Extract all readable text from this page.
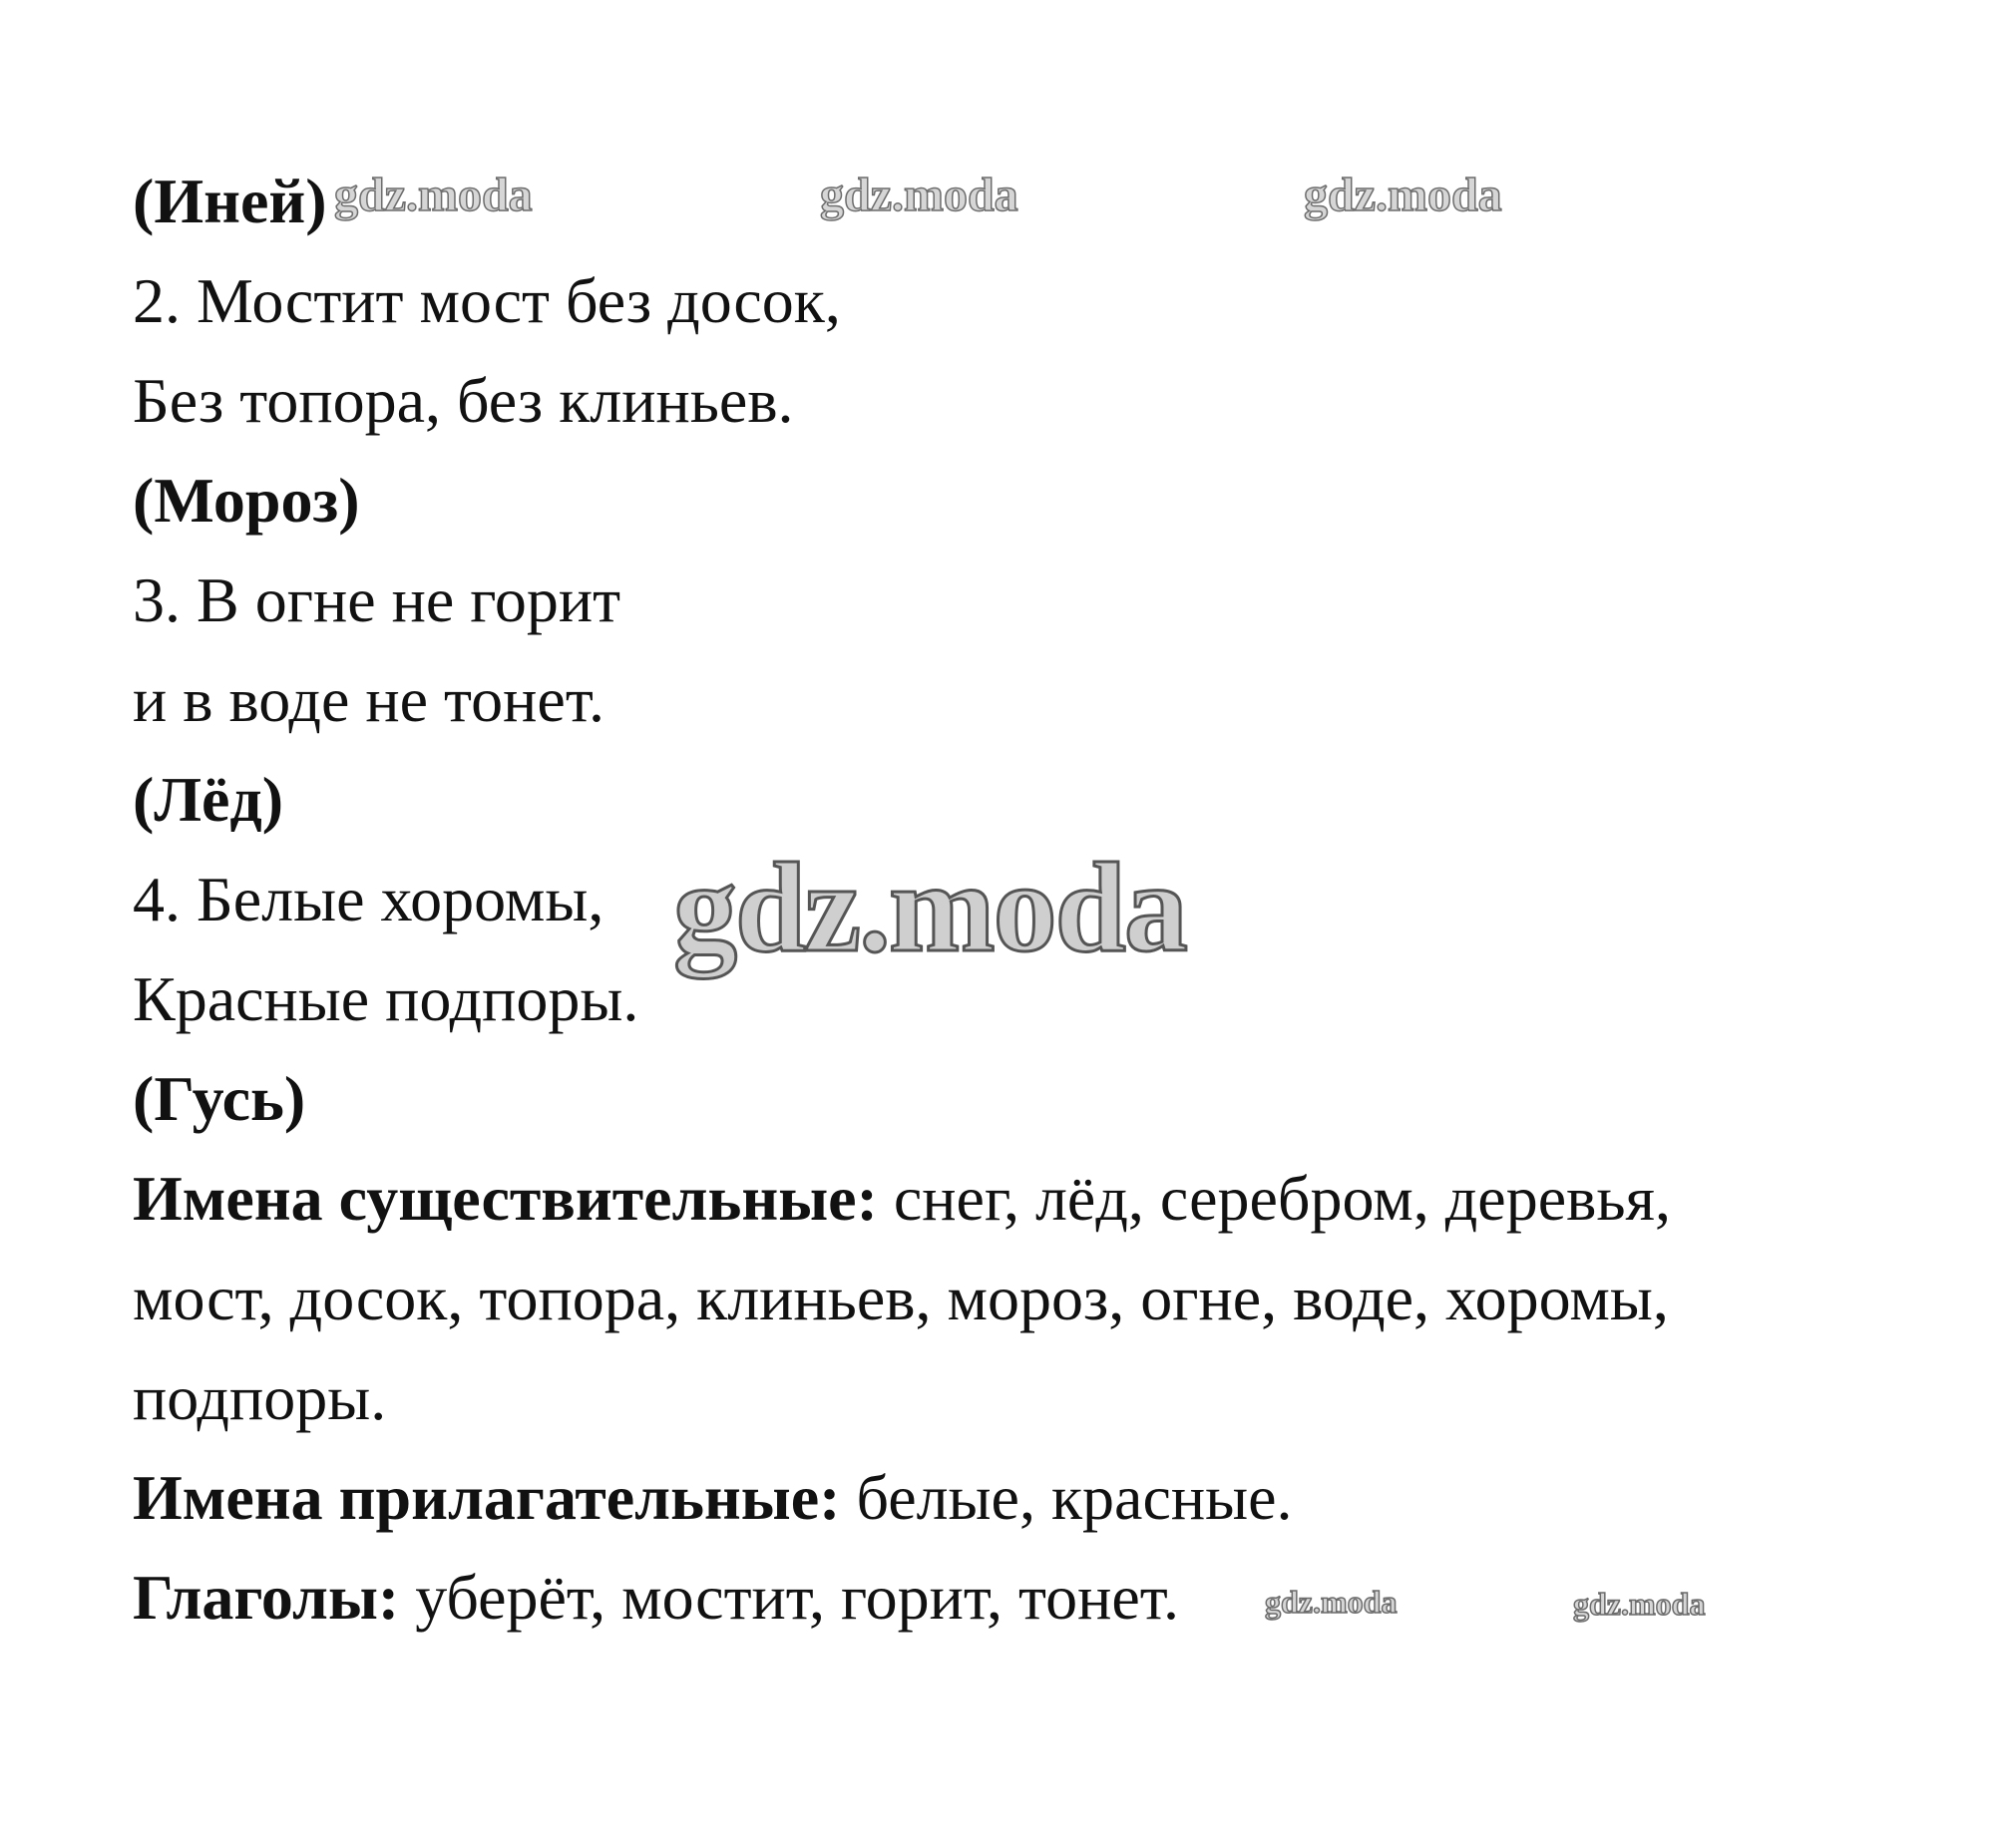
(Иней)
2. Мостит мост без досок,
Без топора, без клиньев.
(Мороз)
3. В огне не горит
и в воде не тонет.
(Лёд)
4. Белые хоромы,
Красные подпоры.
(Гусь)
Имена существительные: снег, лёд, серебром, деревья,
мост, досок, топора, клиньев, мороз, огне, воде, хоромы,
подпоры.
Имена прилагательные: белые, красные.
Глаголы: уберёт, мостит, горит, тонет.
gdz.moda	gdz.moda	gdz.moda
gdz.moda
gdz.moda	gdz.moda
